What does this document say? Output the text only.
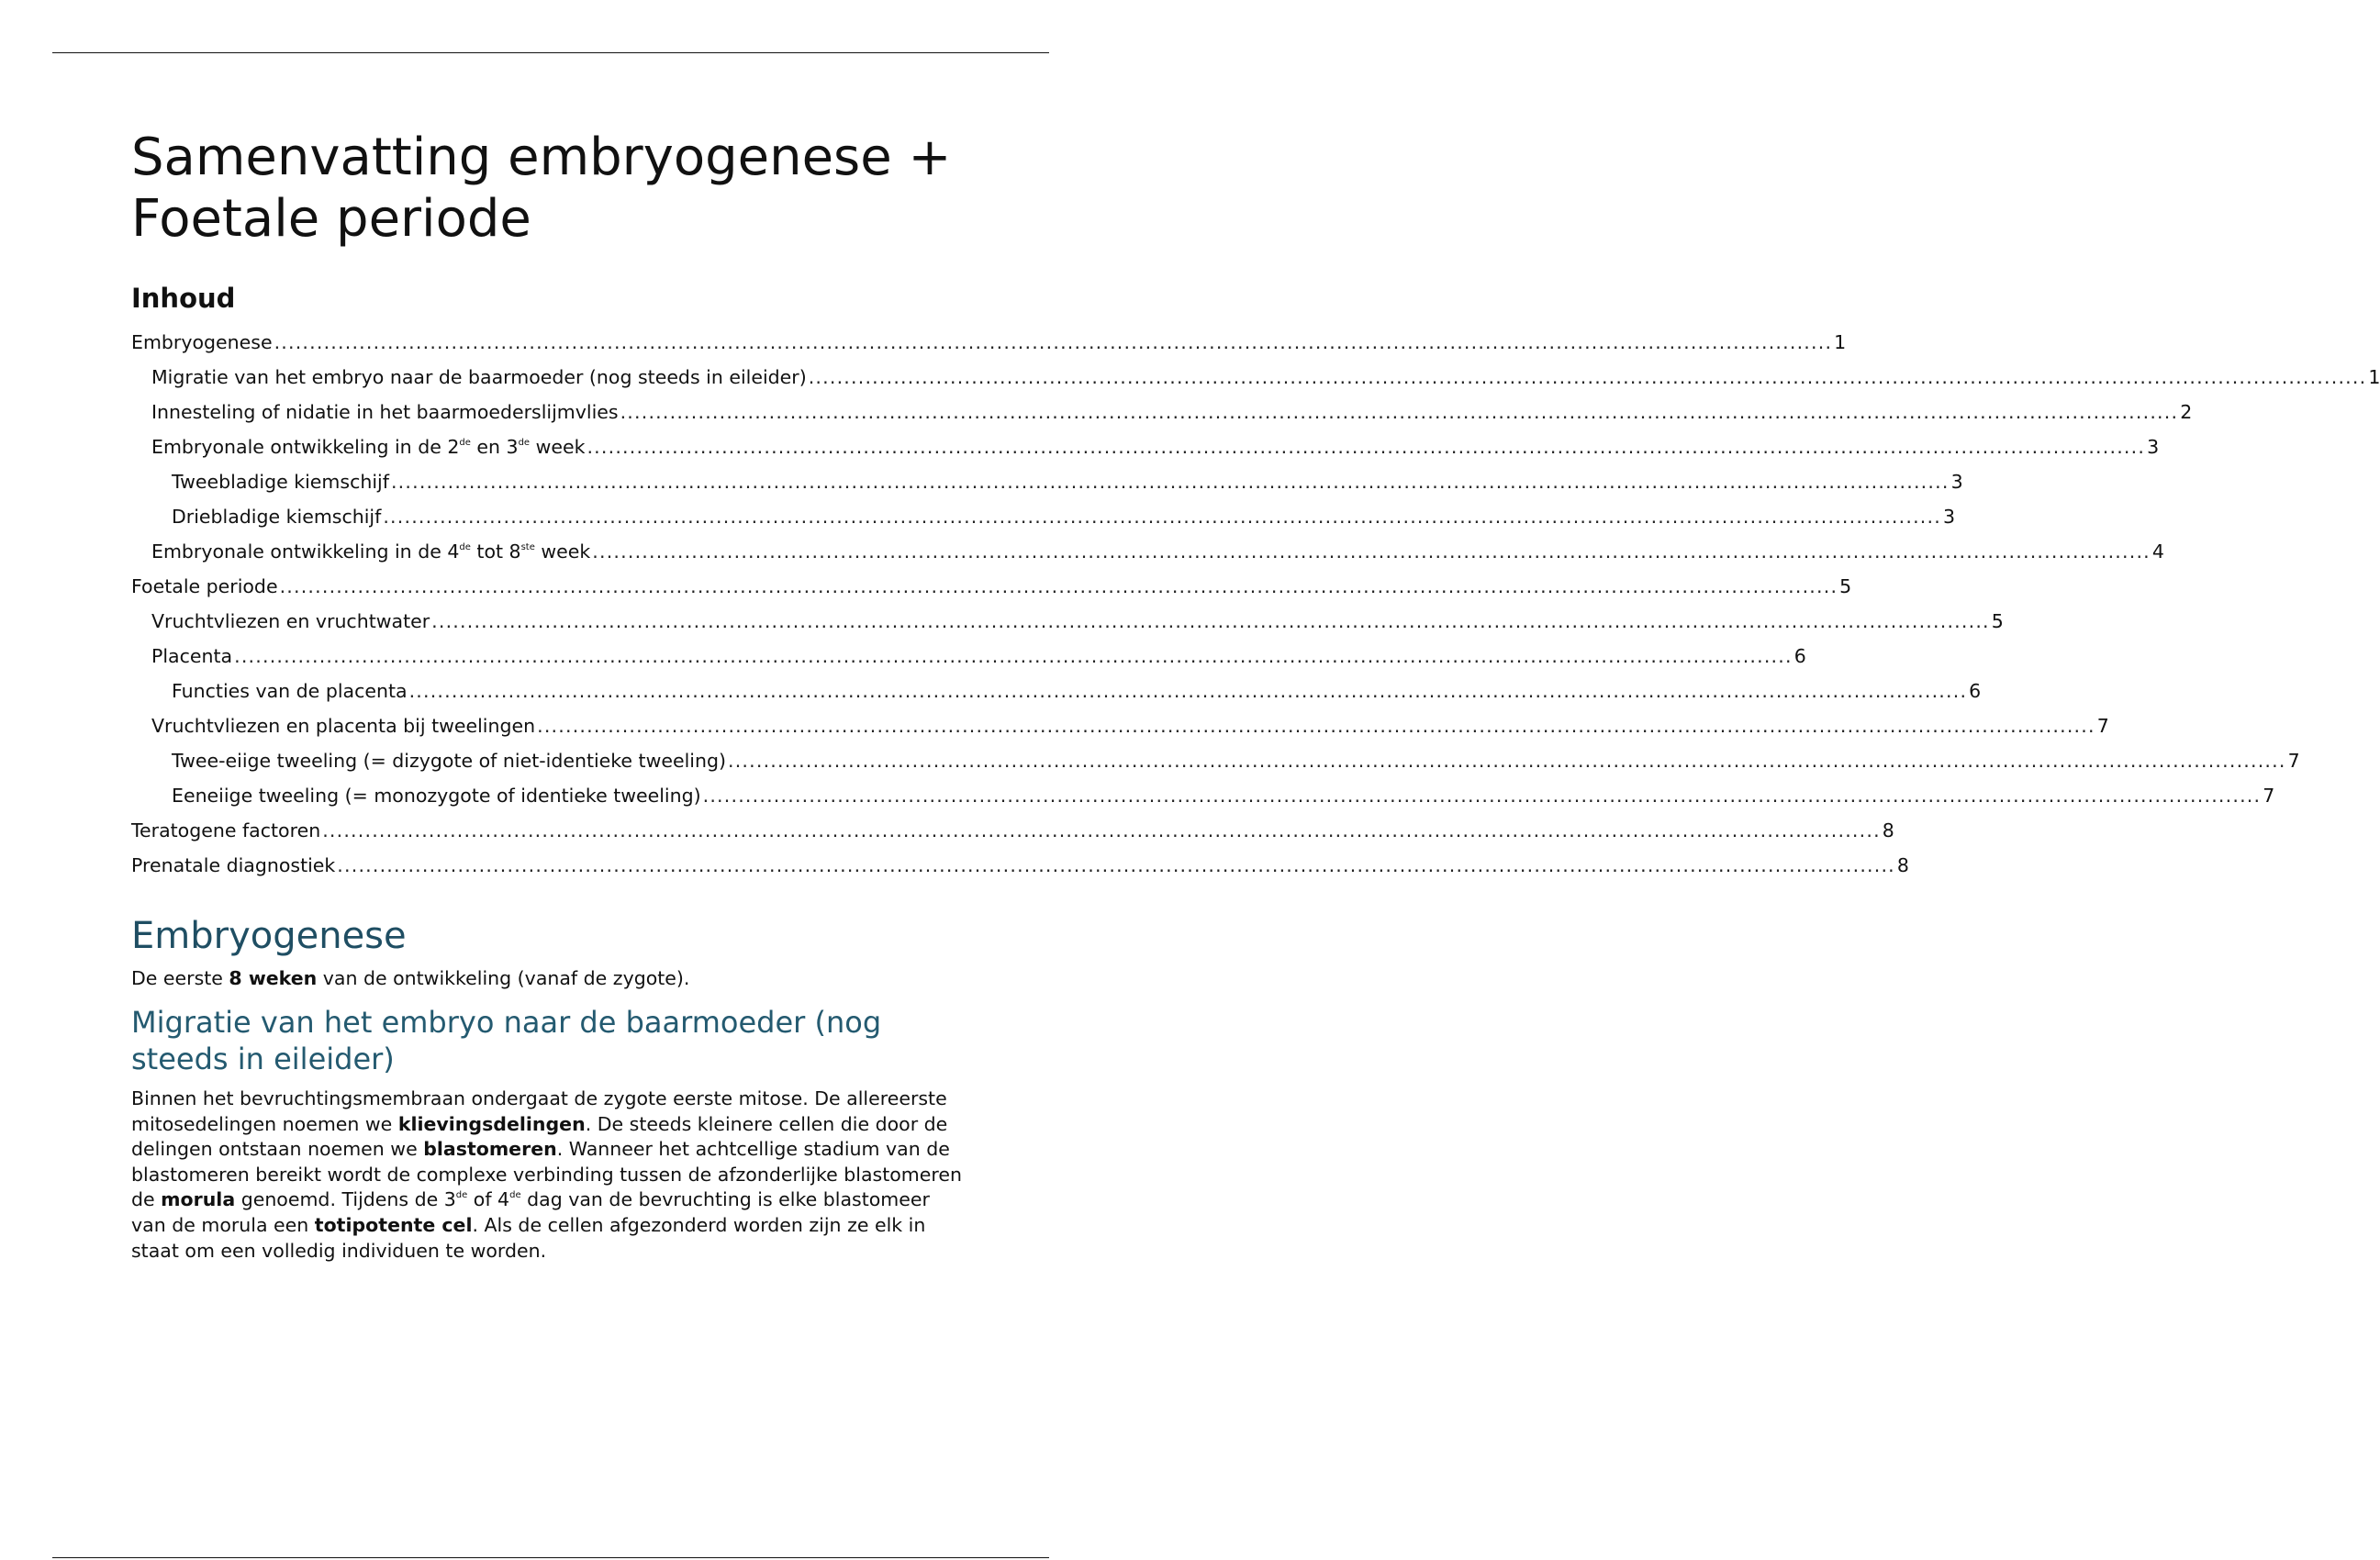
Samenvatting embryogenese + Foetale periode
Inhoud
Embryogenese ............................................................................................................................................................................................................................ 1
Migratie van het embryo naar de baarmoeder (nog steeds in eileider) ............................................................................................................................................................................................................................ 1
Innesteling of nidatie in het baarmoederslijmvlies ............................................................................................................................................................................................................................ 2
Embryonale ontwikkeling in de 2de en 3de week ............................................................................................................................................................................................................................ 3
Tweebladige kiemschijf ............................................................................................................................................................................................................................ 3
Driebladige kiemschijf ............................................................................................................................................................................................................................ 3
Embryonale ontwikkeling in de 4de tot 8ste week ............................................................................................................................................................................................................................ 4
Foetale periode ............................................................................................................................................................................................................................ 5
Vruchtvliezen en vruchtwater ............................................................................................................................................................................................................................ 5
Placenta ............................................................................................................................................................................................................................ 6
Functies van de placenta ............................................................................................................................................................................................................................ 6
Vruchtvliezen en placenta bij tweelingen ............................................................................................................................................................................................................................ 7
Twee-eiige tweeling (= dizygote of niet-identieke tweeling) ............................................................................................................................................................................................................................ 7
Eeneiige tweeling (= monozygote of identieke tweeling) ............................................................................................................................................................................................................................ 7
Teratogene factoren ............................................................................................................................................................................................................................ 8
Prenatale diagnostiek ............................................................................................................................................................................................................................ 8
Embryogenese

De eerste 8 weken van de ontwikkeling (vanaf de zygote).

Migratie van het embryo naar de baarmoeder (nog steeds in eileider)

Binnen het bevruchtingsmembraan ondergaat de zygote eerste mitose. De allereerste mitosedelingen noemen we klievingsdelingen. De steeds kleinere cellen die door de delingen ontstaan noemen we blastomeren. Wanneer het achtcellige stadium van de blastomeren bereikt wordt de complexe verbinding tussen de afzonderlijke blastomeren de morula genoemd. Tijdens de 3de of 4de dag van de bevruchting is elke blastomeer van de morula een totipotente cel. Als de cellen afgezonderd worden zijn ze elk in staat om een volledig individuen te worden.
